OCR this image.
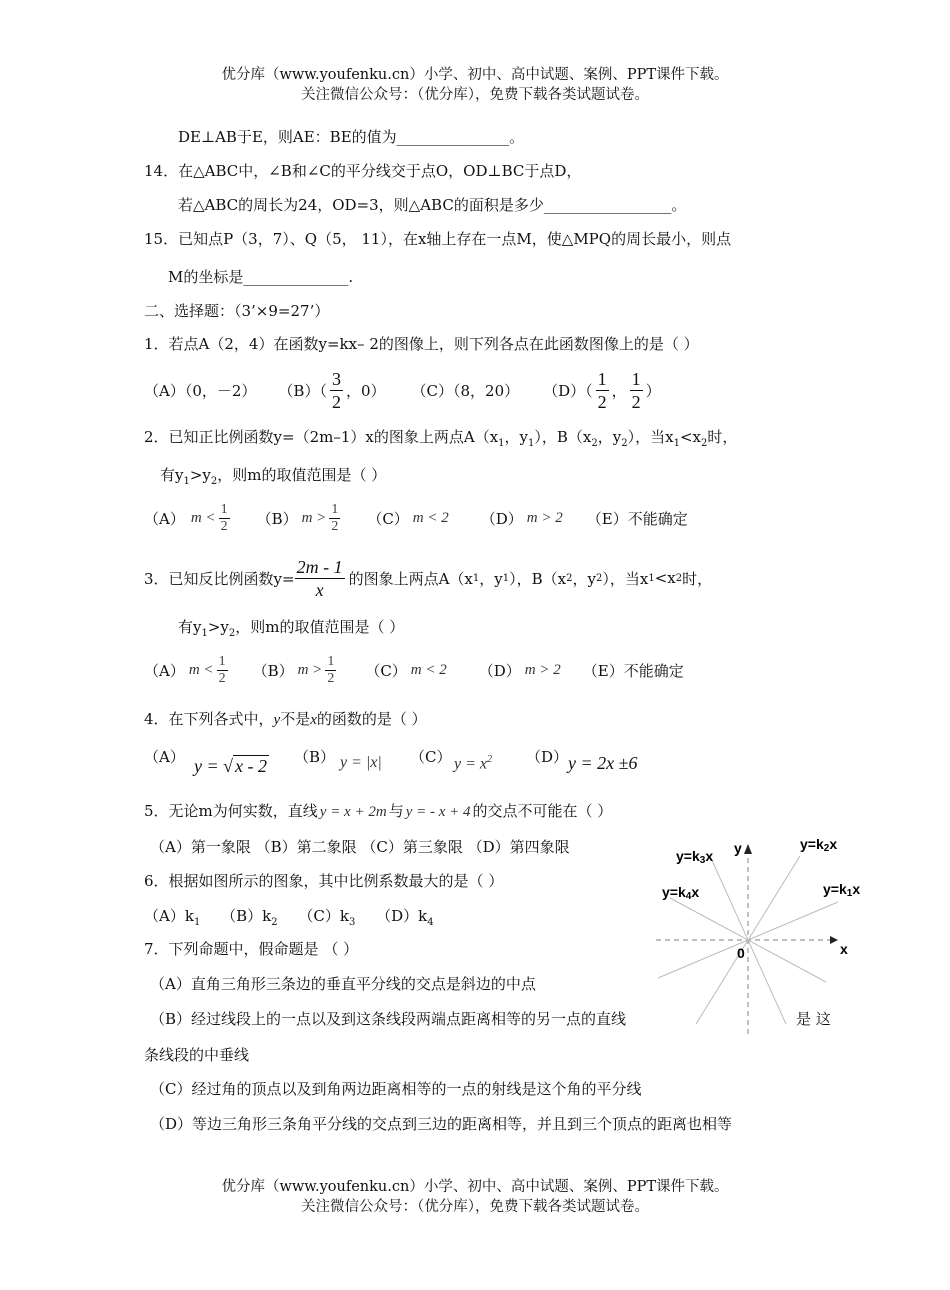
优分库（www.youfenku.cn）小学、初中、高中试题、案例、PPT课件下载。
关注微信公众号：（优分库），免费下载各类试题试卷。
DE⊥AB于E，则AE：BE的值为_______________。
14．在△ABC中，∠B和∠C的平分线交于点O，OD⊥BC于点D，
若△ABC的周长为24，OD=3，则△ABC的面积是多少_________________。
15．已知点P（3，7）、Q（5， 11），在x轴上存在一点M，使△MPQ的周长最小，则点
M的坐标是______________.
二、选择题：（3’×9=27’）
1．若点A（2，4）在函数y=kx– 2的图像上，则下列各点在此函数图像上的是（ ）
（A）（0，－2） $(B)( \frac{3}{2}$ ，0） （C）（8，20） $(D)( \frac{1}{2}$ ， $\frac{1}{2}$ ）
2．已知正比例函数y=（2m–1）x的图象上两点$A(x_1$，$y_1$），$B(x_2$，$y_2$），当$x_1<x_2$时，
有$y_1>y_2$，则m的取值范围是（ ）
（A） $m < \frac{1}{2} (B) m > \frac{1}{2} (C) m < 2$ （D） m > 2 （E）不能确定
3．已知反比例函数$y= \frac{2m - 1}{x}$ 的图象上两点A（x 1 ，y 1 ），B（x 2 ，y 2 ），当x 1 <x 2 时，
有$y_1>y_2$，则m的取值范围是（ ）
（A） $m < \frac{1}{2} (B) m > \frac{1}{2} (C) m < 2$ （D） m > 2 （E）不能确定
4．在下列各式中，y不是x的函数的是（ ）
（A） y = √ x - 2 （B） y = |x| （C） $y = x^2$ （D） y = 2x ±6
5．无论m为何实数，直线 y = x + 2m 与 y = - x + 4 的交点不可能在（ ）
（A）第一象限 （B）第二象限 （C）第三象限 （D）第四象限
6．根据如图所示的图象，其中比例系数最大的是（ ）
$(A)k_1$ $(B)k_2$ $(C)k_3$ $(D)k_4$
y
x
0
y=k3x
y=k2x
y=k4x	y=k1x
7．下列命题中，假命题是 （ ）
（A）直角三角形三条边的垂直平分线的交点是斜边的中点
（B）经过线段上的一点以及到这条线段两端点距离相等的另一点的直线	是 这
条线段的中垂线
（C）经过角的顶点以及到角两边距离相等的一点的射线是这个角的平分线
（D）等边三角形三条角平分线的交点到三边的距离相等，并且到三个顶点的距离也相等
优分库（www.youfenku.cn）小学、初中、高中试题、案例、PPT课件下载。
关注微信公众号：（优分库），免费下载各类试题试卷。
